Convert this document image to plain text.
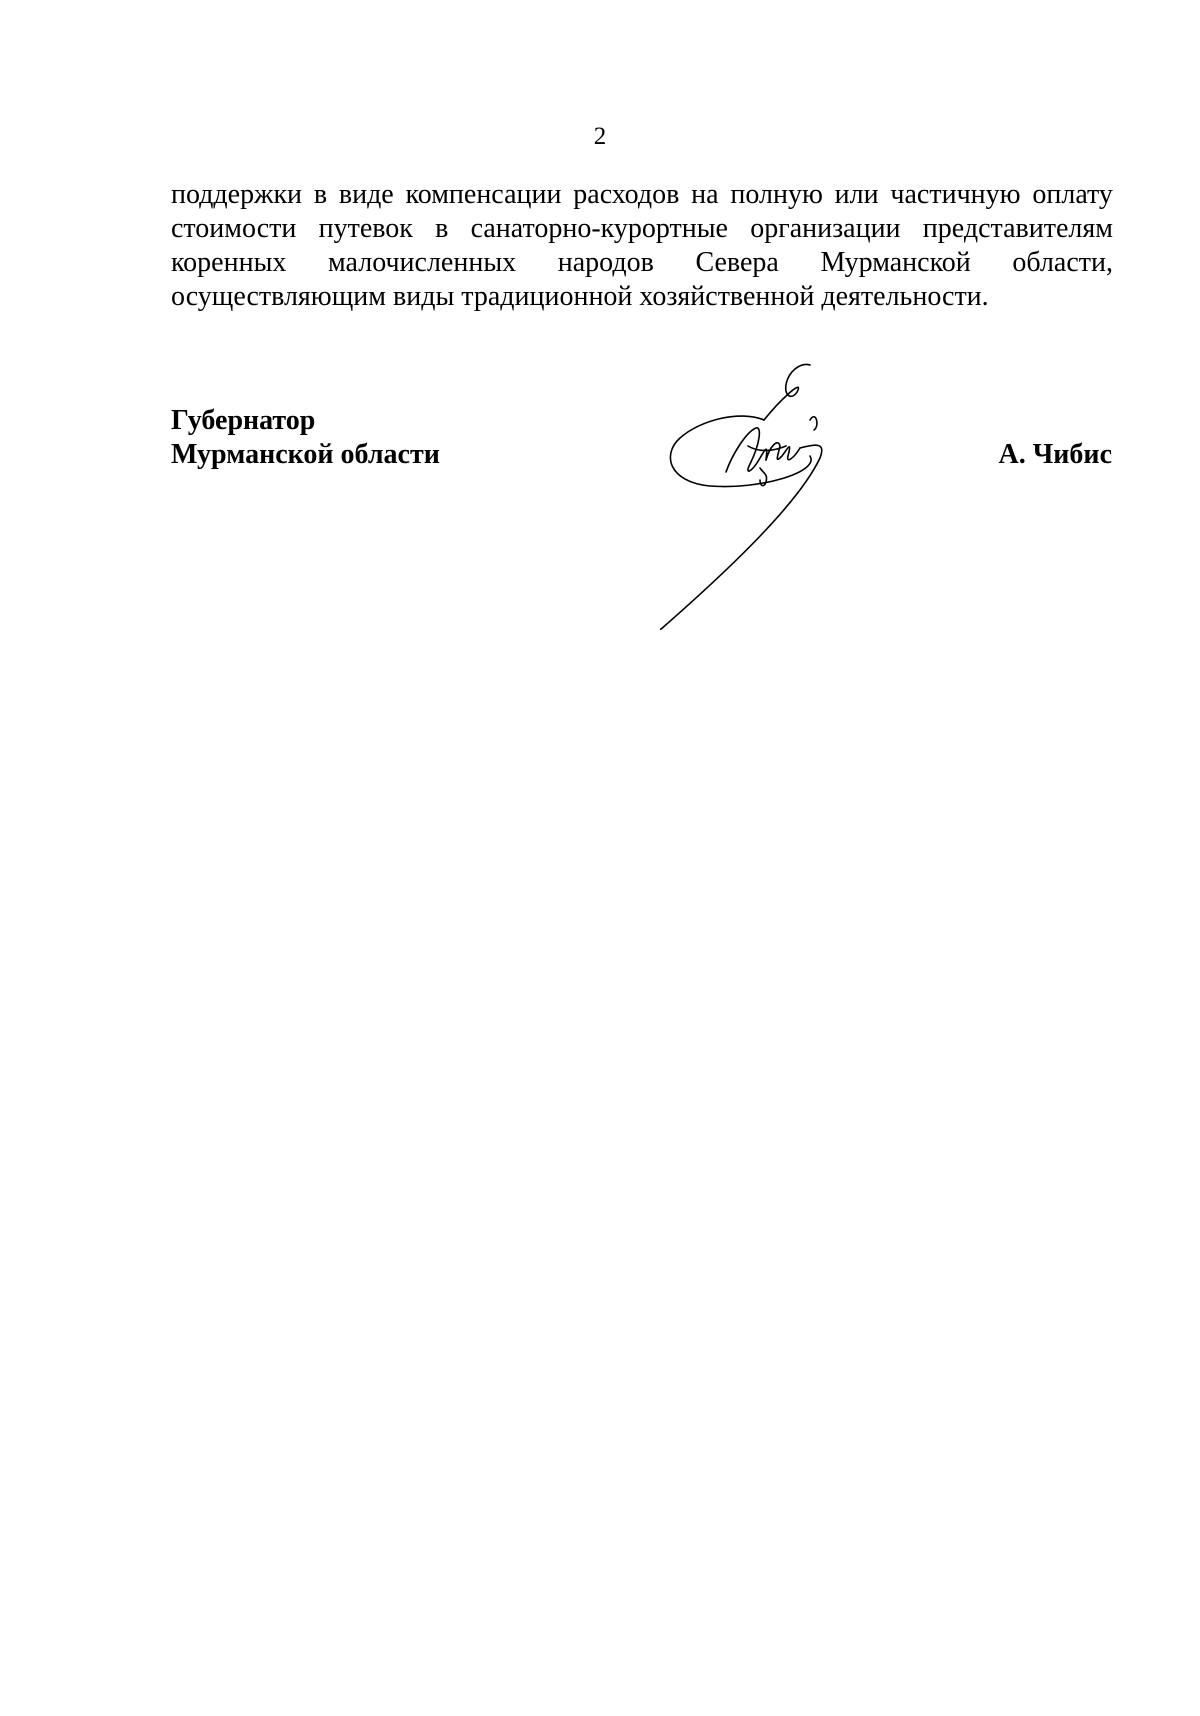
2
поддержки в виде компенсации расходов на полную или частичную оплату
стоимости путевок в санаторно-курортные организации представителям
коренных малочисленных народов Севера Мурманской области,
осуществляющим виды традиционной хозяйственной деятельности.
Губернатор
Мурманской области	А. Чибис
